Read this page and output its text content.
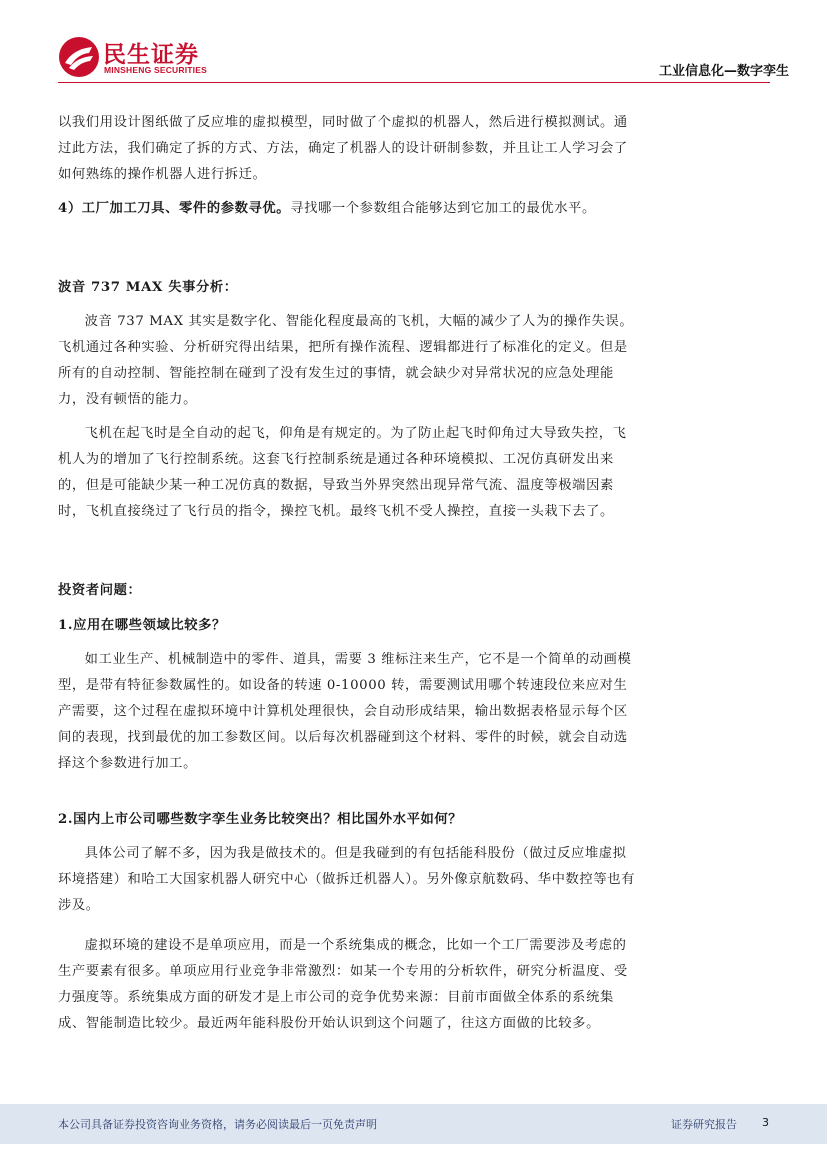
民生证券
MINSHENG SECURITIES	工业信息化—数字孪生

以我们用设计图纸做了反应堆的虚拟模型，同时做了个虚拟的机器人，然后进行模拟测试。通过此方法，我们确定了拆的方式、方法，确定了机器人的设计研制参数，并且让工人学习会了如何熟练的操作机器人进行拆迁。

4）工厂加工刀具、零件的参数寻优。寻找哪一个参数组合能够达到它加工的最优水平。

波音 737 MAX 失事分析：

波音 737 MAX 其实是数字化、智能化程度最高的飞机，大幅的减少了人为的操作失误。飞机通过各种实验、分析研究得出结果，把所有操作流程、逻辑都进行了标准化的定义。但是所有的自动控制、智能控制在碰到了没有发生过的事情，就会缺少对异常状况的应急处理能力，没有顿悟的能力。

飞机在起飞时是全自动的起飞，仰角是有规定的。为了防止起飞时仰角过大导致失控，飞机人为的增加了飞行控制系统。这套飞行控制系统是通过各种环境模拟、工况仿真研发出来的，但是可能缺少某一种工况仿真的数据，导致当外界突然出现异常气流、温度等极端因素时，飞机直接绕过了飞行员的指令，操控飞机。最终飞机不受人操控，直接一头栽下去了。

投资者问题：

1.应用在哪些领域比较多？

如工业生产、机械制造中的零件、道具，需要 3 维标注来生产，它不是一个简单的动画模型，是带有特征参数属性的。如设备的转速 0-10000 转，需要测试用哪个转速段位来应对生产需要，这个过程在虚拟环境中计算机处理很快，会自动形成结果，输出数据表格显示每个区间的表现，找到最优的加工参数区间。以后每次机器碰到这个材料、零件的时候，就会自动选择这个参数进行加工。

2.国内上市公司哪些数字孪生业务比较突出？相比国外水平如何？

具体公司了解不多，因为我是做技术的。但是我碰到的有包括能科股份（做过反应堆虚拟环境搭建）和哈工大国家机器人研究中心（做拆迁机器人）。另外像京航数码、华中数控等也有涉及。

虚拟环境的建设不是单项应用，而是一个系统集成的概念，比如一个工厂需要涉及考虑的生产要素有很多。单项应用行业竞争非常激烈：如某一个专用的分析软件，研究分析温度、受力强度等。系统集成方面的研发才是上市公司的竞争优势来源：目前市面做全体系的系统集成、智能制造比较少。最近两年能科股份开始认识到这个问题了，往这方面做的比较多。

本公司具备证券投资咨询业务资格，请务必阅读最后一页免责声明	证券研究报告 3
